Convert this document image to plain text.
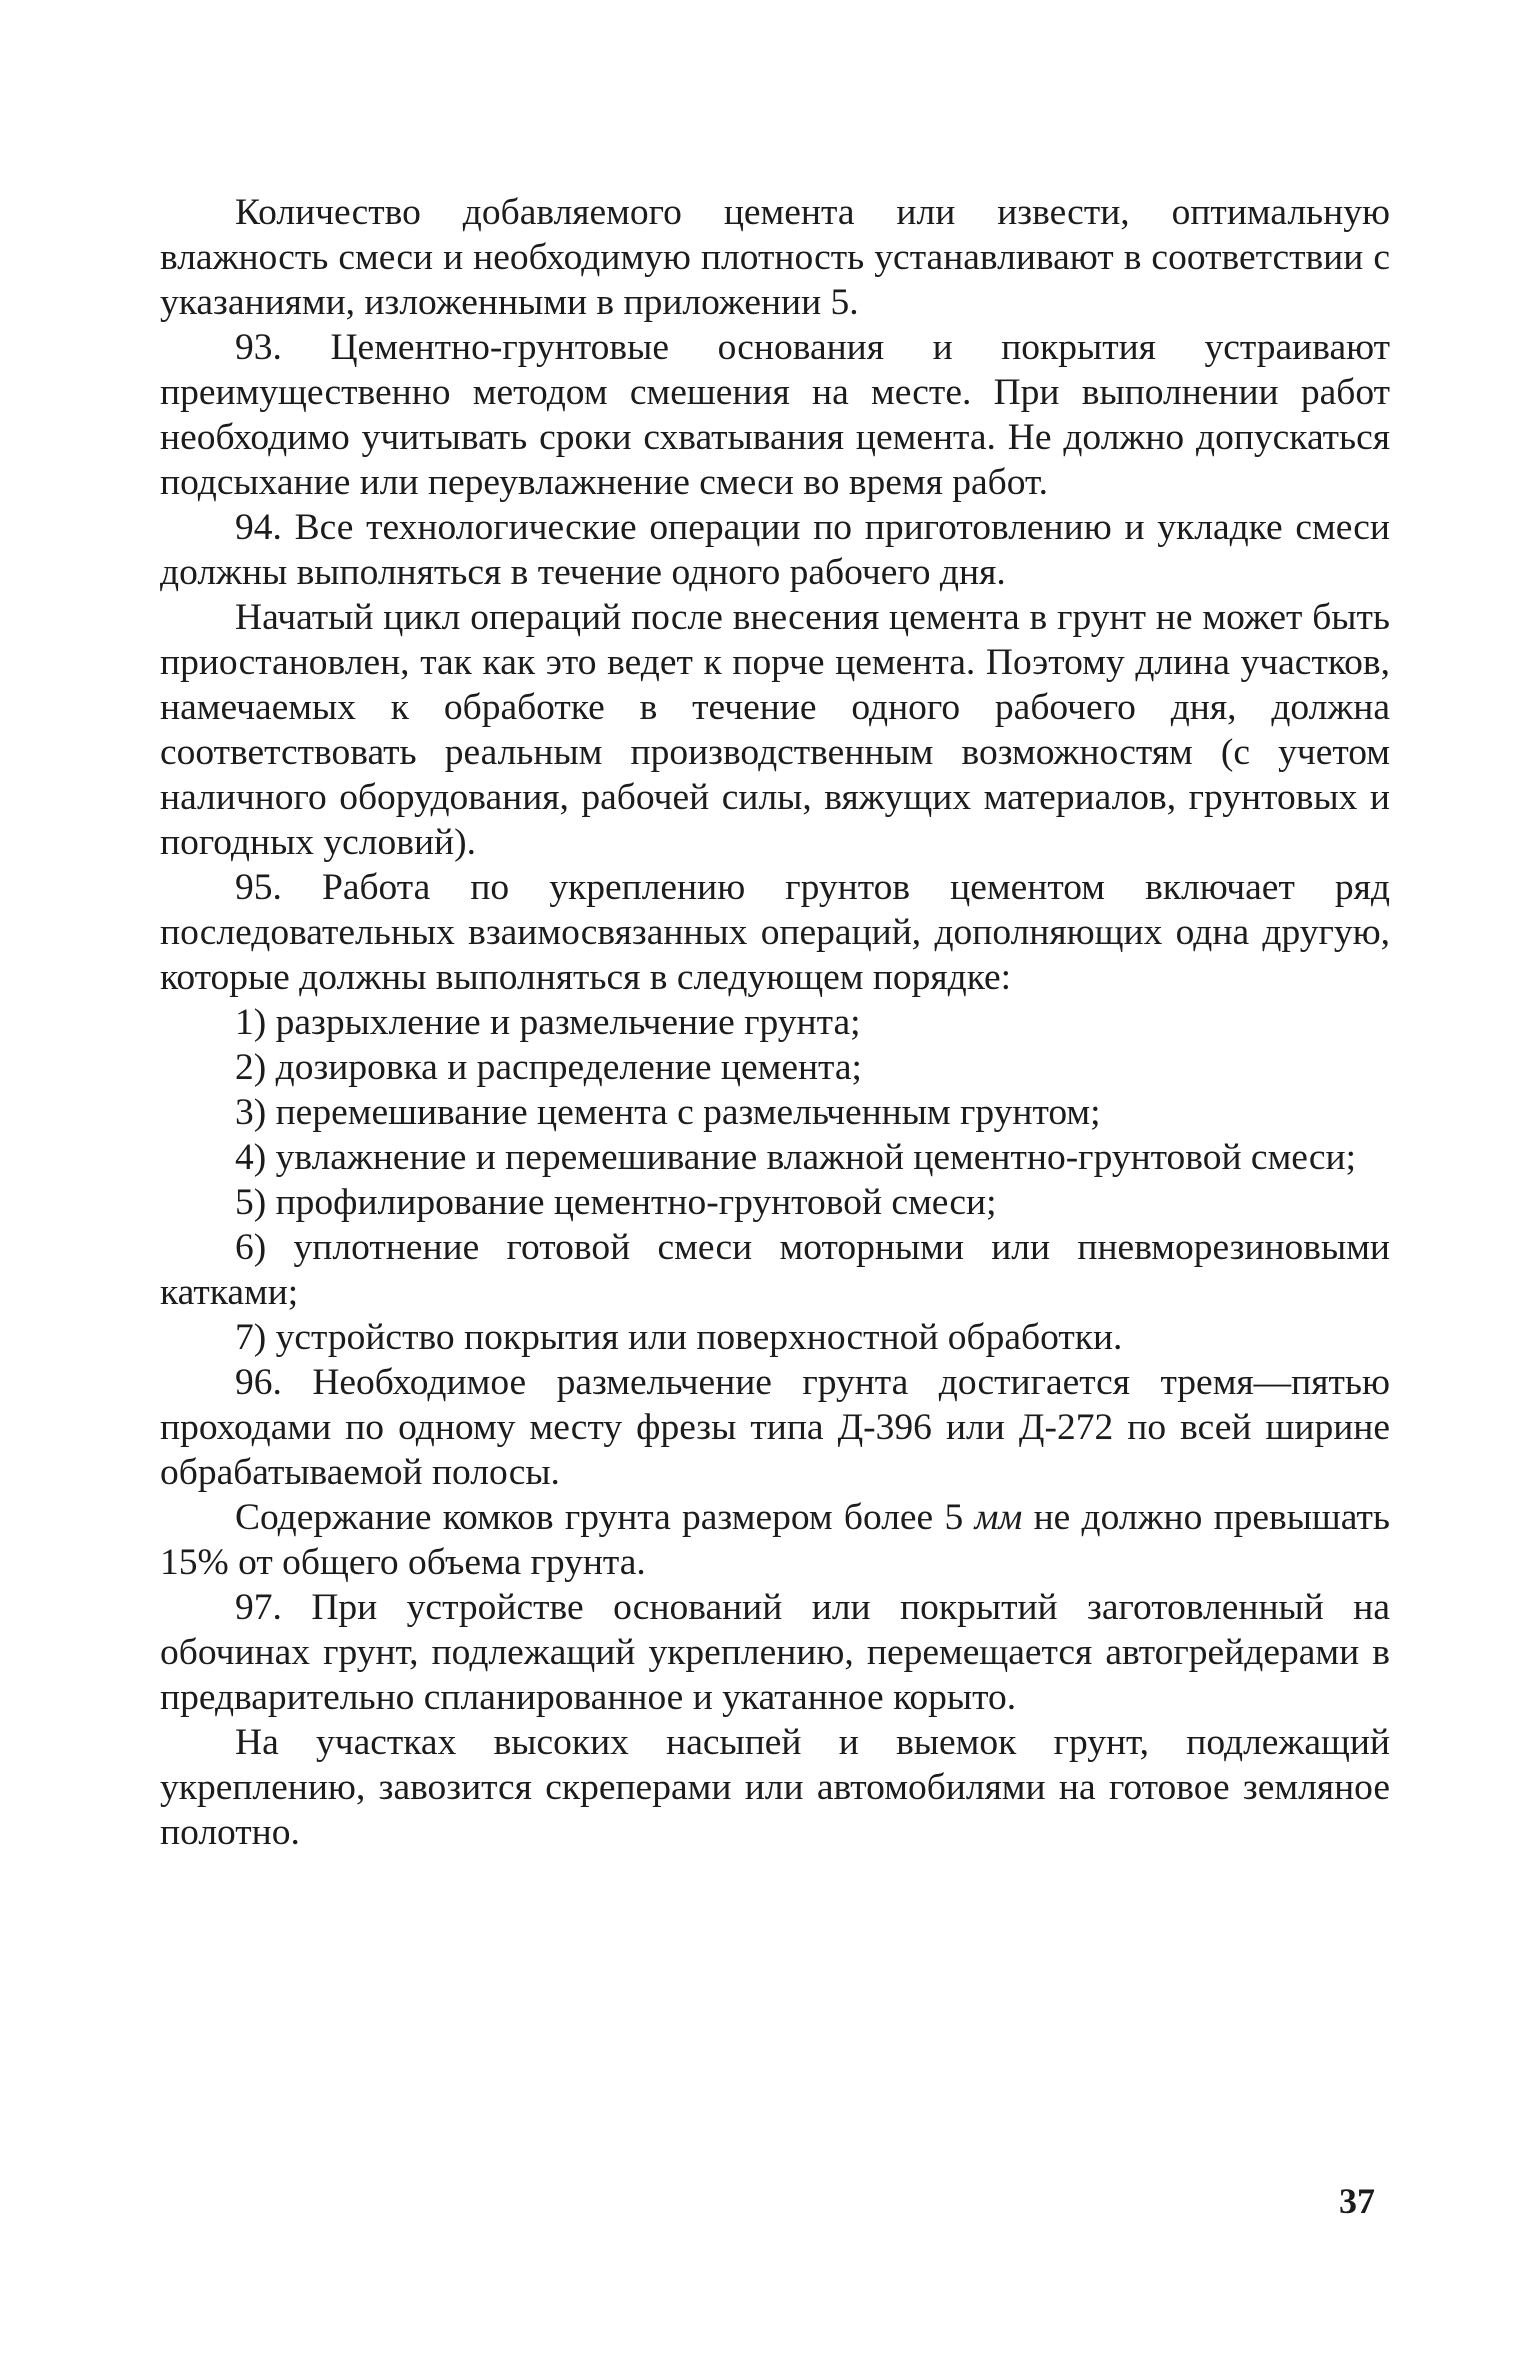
Количество добавляемого цемента или извести, оптимальную влажность смеси и необходимую плотность устанавливают в соответствии с указаниями, изложенными в приложении 5.

93. Цементно-грунтовые основания и покрытия устраивают преимущественно методом смешения на месте. При выполнении работ необходимо учитывать сроки схватывания цемента. Не должно допускаться подсыхание или переувлажнение смеси во время работ.

94. Все технологические операции по приготовлению и укладке смеси должны выполняться в течение одного рабочего дня.

Начатый цикл операций после внесения цемента в грунт не может быть приостановлен, так как это ведет к порче цемента. Поэтому длина участков, намечаемых к обработке в течение одного рабочего дня, должна соответствовать реальным производственным возможностям (с учетом наличного оборудования, рабочей силы, вяжущих материалов, грунтовых и погодных условий).

95. Работа по укреплению грунтов цементом включает ряд последовательных взаимосвязанных операций, дополняющих одна другую, которые должны выполняться в следующем порядке:

1) разрыхление и размельчение грунта;

2) дозировка и распределение цемента;

3) перемешивание цемента с размельченным грунтом;

4) увлажнение и перемешивание влажной цементно-грунтовой смеси;

5) профилирование цементно-грунтовой смеси;

6) уплотнение готовой смеси моторными или пневморезиновыми катками;

7) устройство покрытия или поверхностной обработки.

96. Необходимое размельчение грунта достигается тремя—пятью проходами по одному месту фрезы типа Д-396 или Д-272 по всей ширине обрабатываемой полосы.

Содержание комков грунта размером более 5 мм не должно превышать 15% от общего объема грунта.

97. При устройстве оснований или покрытий заготовленный на обочинах грунт, подлежащий укреплению, перемещается автогрейдерами в предварительно спланированное и укатанное корыто.

На участках высоких насыпей и выемок грунт, подлежащий укреплению, завозится скреперами или автомобилями на готовое земляное полотно.

37
